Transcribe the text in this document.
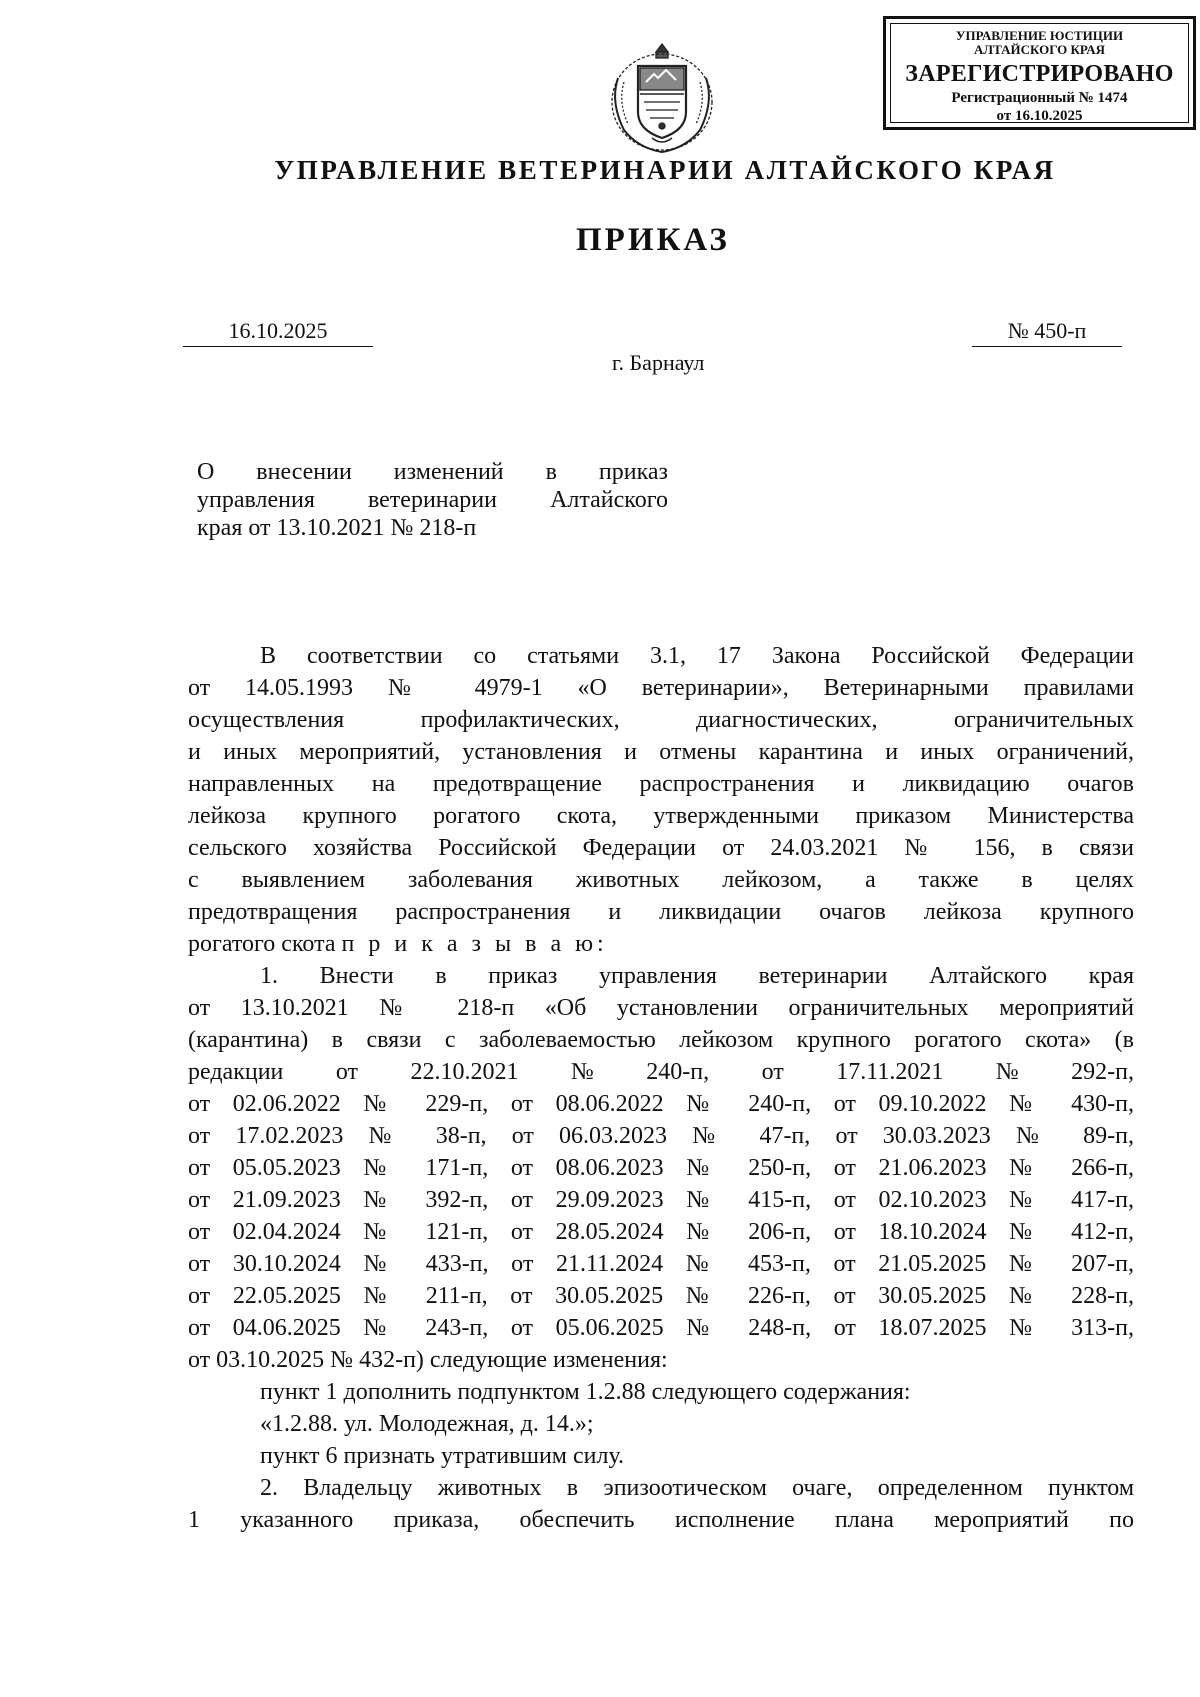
УПРАВЛЕНИЕ ЮСТИЦИИ
АЛТАЙСКОГО КРАЯ
ЗАРЕГИСТРИРОВАНО
Регистрационный № 1474
от 16.10.2025
УПРАВЛЕНИЕ ВЕТЕРИНАРИИ АЛТАЙСКОГО КРАЯ
ПРИКАЗ
16.10.2025	№ 450-п
г. Барнаул
О внесении изменений в приказ
управления ветеринарии Алтайского
края от 13.10.2021 № 218-п
В соответствии со статьями 3.1, 17 Закона Российской Федерации
от 14.05.1993 № 4979-1 «О ветеринарии», Ветеринарными правилами
осуществления профилактических, диагностических, ограничительных
и иных мероприятий, установления и отмены карантина и иных ограничений,
направленных на предотвращение распространения и ликвидацию очагов
лейкоза крупного рогатого скота, утвержденными приказом Министерства
сельского хозяйства Российской Федерации от 24.03.2021 № 156, в связи
с выявлением заболевания животных лейкозом, а также в целях
предотвращения распространения и ликвидации очагов лейкоза крупного
рогатого скота п р и к а з ы в а ю:
1. Внести в приказ управления ветеринарии Алтайского края
от 13.10.2021 № 218-п «Об установлении ограничительных мероприятий
(карантина) в связи с заболеваемостью лейкозом крупного рогатого скота» (в
редакции от 22.10.2021 № 240-п, от 17.11.2021 № 292-п,
от 02.06.2022 № 229-п, от 08.06.2022 № 240-п, от 09.10.2022 № 430-п,
от 17.02.2023 № 38-п, от 06.03.2023 № 47-п, от 30.03.2023 № 89-п,
от 05.05.2023 № 171-п, от 08.06.2023 № 250-п, от 21.06.2023 № 266-п,
от 21.09.2023 № 392-п, от 29.09.2023 № 415-п, от 02.10.2023 № 417-п,
от 02.04.2024 № 121-п, от 28.05.2024 № 206-п, от 18.10.2024 № 412-п,
от 30.10.2024 № 433-п, от 21.11.2024 № 453-п, от 21.05.2025 № 207-п,
от 22.05.2025 № 211-п, от 30.05.2025 № 226-п, от 30.05.2025 № 228-п,
от 04.06.2025 № 243-п, от 05.06.2025 № 248-п, от 18.07.2025 № 313-п,
от 03.10.2025 № 432-п) следующие изменения:
пункт 1 дополнить подпунктом 1.2.88 следующего содержания:
«1.2.88. ул. Молодежная, д. 14.»;
пункт 6 признать утратившим силу.
2. Владельцу животных в эпизоотическом очаге, определенном пунктом
1 указанного приказа, обеспечить исполнение плана мероприятий по
